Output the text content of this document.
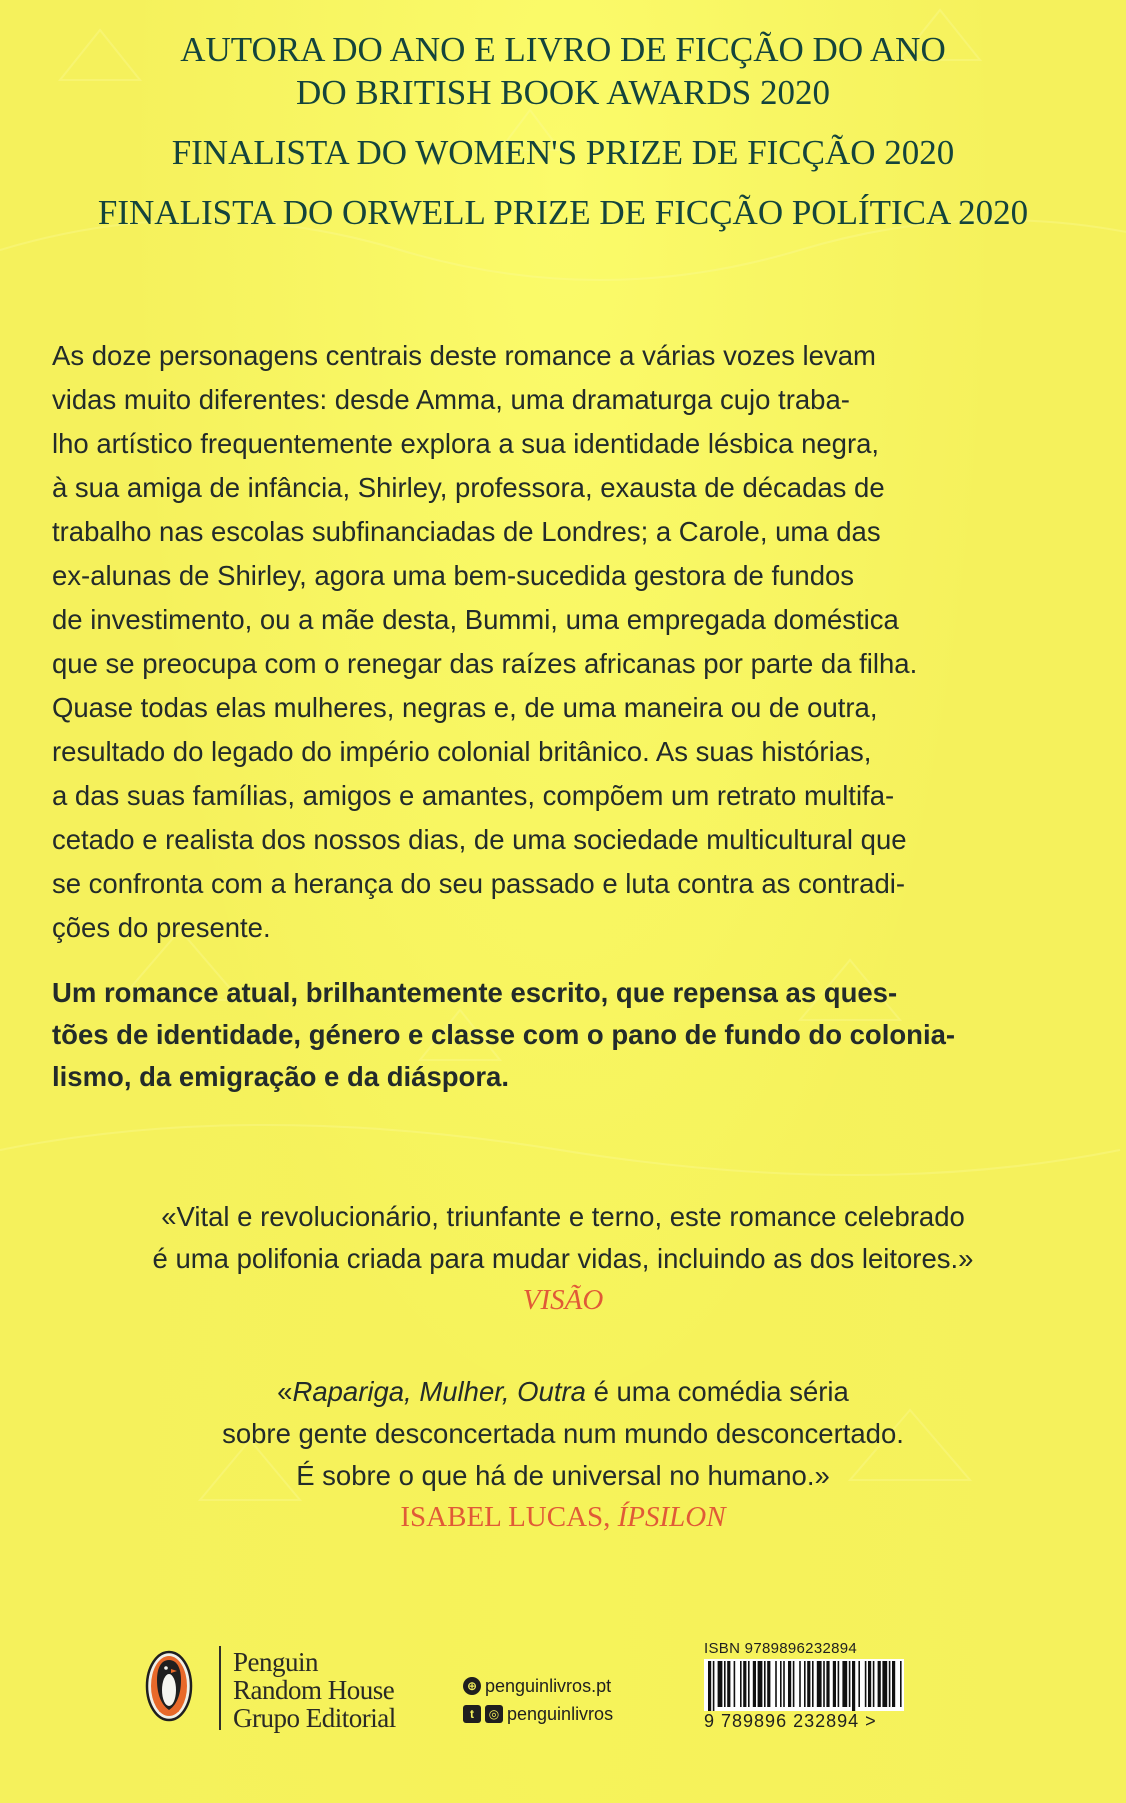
AUTORA DO ANO E LIVRO DE FICÇÃO DO ANO
DO BRITISH BOOK AWARDS 2020
FINALISTA DO WOMEN'S PRIZE DE FICÇÃO 2020
FINALISTA DO ORWELL PRIZE DE FICÇÃO POLÍTICA 2020

As doze personagens centrais deste romance a várias vozes levam

vidas muito diferentes: desde Amma, uma dramaturga cujo traba-

lho artístico frequentemente explora a sua identidade lésbica negra,

à sua amiga de infância, Shirley, professora, exausta de décadas de

trabalho nas escolas subfinanciadas de Londres; a Carole, uma das

ex-alunas de Shirley, agora uma bem-sucedida gestora de fundos

de investimento, ou a mãe desta, Bummi, uma empregada doméstica

que se preocupa com o renegar das raízes africanas por parte da filha.

Quase todas elas mulheres, negras e, de uma maneira ou de outra,

resultado do legado do império colonial britânico. As suas histórias,

a das suas famílias, amigos e amantes, compõem um retrato multifa-

cetado e realista dos nossos dias, de uma sociedade multicultural que

se confronta com a herança do seu passado e luta contra as contradi-

ções do presente.

Um romance atual, brilhantemente escrito, que repensa as ques-

tões de identidade, género e classe com o pano de fundo do colonia-

lismo, da emigração e da diáspora.

«Vital e revolucionário, triunfante e terno, este romance celebrado

é uma polifonia criada para mudar vidas, incluindo as dos leitores.»

VISÃO

«Rapariga, Mulher, Outra é uma comédia séria

sobre gente desconcertada num mundo desconcertado.

É sobre o que há de universal no humano.»

ISABEL LUCAS, ÍPSILON
Penguin
Random House
Grupo Editorial
⊕ penguinlivros.pt
t	◎ penguinlivros
ISBN 9789896232894
9 789896 232894 >
